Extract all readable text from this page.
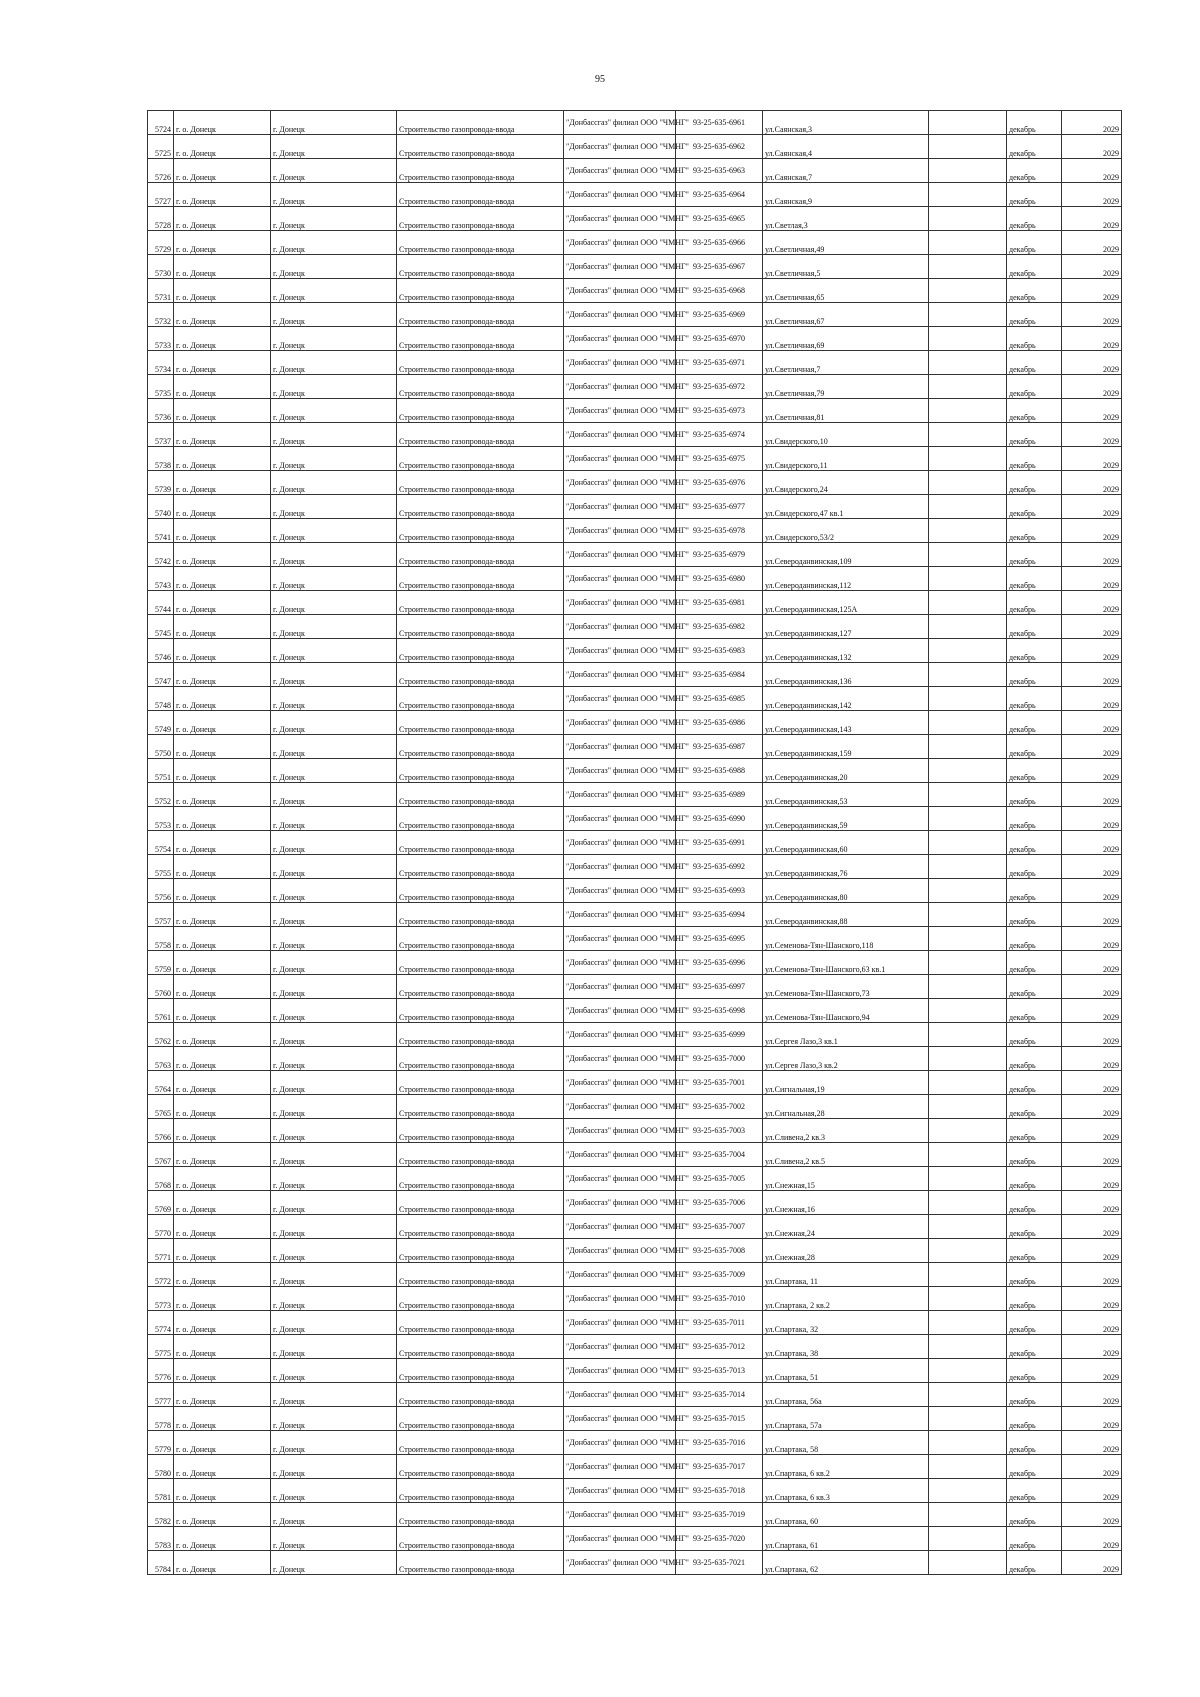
95
5724	г. о. Донецк	г. Донецк	Строительство газопровода-ввода	"Донбассгаз" филиал ООО "ЧМНГ"	93-25-635-6961	ул.Саянская,3		декабрь	2029
5725	г. о. Донецк	г. Донецк	Строительство газопровода-ввода	"Донбассгаз" филиал ООО "ЧМНГ"	93-25-635-6962	ул.Саянская,4		декабрь	2029
5726	г. о. Донецк	г. Донецк	Строительство газопровода-ввода	"Донбассгаз" филиал ООО "ЧМНГ"	93-25-635-6963	ул.Саянская,7		декабрь	2029
5727	г. о. Донецк	г. Донецк	Строительство газопровода-ввода	"Донбассгаз" филиал ООО "ЧМНГ"	93-25-635-6964	ул.Саянская,9		декабрь	2029
5728	г. о. Донецк	г. Донецк	Строительство газопровода-ввода	"Донбассгаз" филиал ООО "ЧМНГ"	93-25-635-6965	ул.Светлая,3		декабрь	2029
5729	г. о. Донецк	г. Донецк	Строительство газопровода-ввода	"Донбассгаз" филиал ООО "ЧМНГ"	93-25-635-6966	ул.Светличная,49		декабрь	2029
5730	г. о. Донецк	г. Донецк	Строительство газопровода-ввода	"Донбассгаз" филиал ООО "ЧМНГ"	93-25-635-6967	ул.Светличная,5		декабрь	2029
5731	г. о. Донецк	г. Донецк	Строительство газопровода-ввода	"Донбассгаз" филиал ООО "ЧМНГ"	93-25-635-6968	ул.Светличная,65		декабрь	2029
5732	г. о. Донецк	г. Донецк	Строительство газопровода-ввода	"Донбассгаз" филиал ООО "ЧМНГ"	93-25-635-6969	ул.Светличная,67		декабрь	2029
5733	г. о. Донецк	г. Донецк	Строительство газопровода-ввода	"Донбассгаз" филиал ООО "ЧМНГ"	93-25-635-6970	ул.Светличная,69		декабрь	2029
5734	г. о. Донецк	г. Донецк	Строительство газопровода-ввода	"Донбассгаз" филиал ООО "ЧМНГ"	93-25-635-6971	ул.Светличная,7		декабрь	2029
5735	г. о. Донецк	г. Донецк	Строительство газопровода-ввода	"Донбассгаз" филиал ООО "ЧМНГ"	93-25-635-6972	ул.Светличная,79		декабрь	2029
5736	г. о. Донецк	г. Донецк	Строительство газопровода-ввода	"Донбассгаз" филиал ООО "ЧМНГ"	93-25-635-6973	ул.Светличная,81		декабрь	2029
5737	г. о. Донецк	г. Донецк	Строительство газопровода-ввода	"Донбассгаз" филиал ООО "ЧМНГ"	93-25-635-6974	ул.Свидерского,10		декабрь	2029
5738	г. о. Донецк	г. Донецк	Строительство газопровода-ввода	"Донбассгаз" филиал ООО "ЧМНГ"	93-25-635-6975	ул.Свидерского,11		декабрь	2029
5739	г. о. Донецк	г. Донецк	Строительство газопровода-ввода	"Донбассгаз" филиал ООО "ЧМНГ"	93-25-635-6976	ул.Свидерского,24		декабрь	2029
5740	г. о. Донецк	г. Донецк	Строительство газопровода-ввода	"Донбассгаз" филиал ООО "ЧМНГ"	93-25-635-6977	ул.Свидерского,47 кв.1		декабрь	2029
5741	г. о. Донецк	г. Донецк	Строительство газопровода-ввода	"Донбассгаз" филиал ООО "ЧМНГ"	93-25-635-6978	ул.Свидерского,53/2		декабрь	2029
5742	г. о. Донецк	г. Донецк	Строительство газопровода-ввода	"Донбассгаз" филиал ООО "ЧМНГ"	93-25-635-6979	ул.Североданвинская,109		декабрь	2029
5743	г. о. Донецк	г. Донецк	Строительство газопровода-ввода	"Донбассгаз" филиал ООО "ЧМНГ"	93-25-635-6980	ул.Североданвинская,112		декабрь	2029
5744	г. о. Донецк	г. Донецк	Строительство газопровода-ввода	"Донбассгаз" филиал ООО "ЧМНГ"	93-25-635-6981	ул.Североданвинская,125А		декабрь	2029
5745	г. о. Донецк	г. Донецк	Строительство газопровода-ввода	"Донбассгаз" филиал ООО "ЧМНГ"	93-25-635-6982	ул.Североданвинская,127		декабрь	2029
5746	г. о. Донецк	г. Донецк	Строительство газопровода-ввода	"Донбассгаз" филиал ООО "ЧМНГ"	93-25-635-6983	ул.Североданвинская,132		декабрь	2029
5747	г. о. Донецк	г. Донецк	Строительство газопровода-ввода	"Донбассгаз" филиал ООО "ЧМНГ"	93-25-635-6984	ул.Североданвинская,136		декабрь	2029
5748	г. о. Донецк	г. Донецк	Строительство газопровода-ввода	"Донбассгаз" филиал ООО "ЧМНГ"	93-25-635-6985	ул.Североданвинская,142		декабрь	2029
5749	г. о. Донецк	г. Донецк	Строительство газопровода-ввода	"Донбассгаз" филиал ООО "ЧМНГ"	93-25-635-6986	ул.Североданвинская,143		декабрь	2029
5750	г. о. Донецк	г. Донецк	Строительство газопровода-ввода	"Донбассгаз" филиал ООО "ЧМНГ"	93-25-635-6987	ул.Североданвинская,159		декабрь	2029
5751	г. о. Донецк	г. Донецк	Строительство газопровода-ввода	"Донбассгаз" филиал ООО "ЧМНГ"	93-25-635-6988	ул.Североданвинская,20		декабрь	2029
5752	г. о. Донецк	г. Донецк	Строительство газопровода-ввода	"Донбассгаз" филиал ООО "ЧМНГ"	93-25-635-6989	ул.Североданвинская,53		декабрь	2029
5753	г. о. Донецк	г. Донецк	Строительство газопровода-ввода	"Донбассгаз" филиал ООО "ЧМНГ"	93-25-635-6990	ул.Североданвинская,59		декабрь	2029
5754	г. о. Донецк	г. Донецк	Строительство газопровода-ввода	"Донбассгаз" филиал ООО "ЧМНГ"	93-25-635-6991	ул.Североданвинская,60		декабрь	2029
5755	г. о. Донецк	г. Донецк	Строительство газопровода-ввода	"Донбассгаз" филиал ООО "ЧМНГ"	93-25-635-6992	ул.Североданвинская,76		декабрь	2029
5756	г. о. Донецк	г. Донецк	Строительство газопровода-ввода	"Донбассгаз" филиал ООО "ЧМНГ"	93-25-635-6993	ул.Североданвинская,80		декабрь	2029
5757	г. о. Донецк	г. Донецк	Строительство газопровода-ввода	"Донбассгаз" филиал ООО "ЧМНГ"	93-25-635-6994	ул.Североданвинская,88		декабрь	2029
5758	г. о. Донецк	г. Донецк	Строительство газопровода-ввода	"Донбассгаз" филиал ООО "ЧМНГ"	93-25-635-6995	ул.Семенова-Тян-Шанского,118		декабрь	2029
5759	г. о. Донецк	г. Донецк	Строительство газопровода-ввода	"Донбассгаз" филиал ООО "ЧМНГ"	93-25-635-6996	ул.Семенова-Тян-Шанского,63 кв.1		декабрь	2029
5760	г. о. Донецк	г. Донецк	Строительство газопровода-ввода	"Донбассгаз" филиал ООО "ЧМНГ"	93-25-635-6997	ул.Семенова-Тян-Шанского,73		декабрь	2029
5761	г. о. Донецк	г. Донецк	Строительство газопровода-ввода	"Донбассгаз" филиал ООО "ЧМНГ"	93-25-635-6998	ул.Семенова-Тян-Шанского,94		декабрь	2029
5762	г. о. Донецк	г. Донецк	Строительство газопровода-ввода	"Донбассгаз" филиал ООО "ЧМНГ"	93-25-635-6999	ул.Сергея Лазо,3 кв.1		декабрь	2029
5763	г. о. Донецк	г. Донецк	Строительство газопровода-ввода	"Донбассгаз" филиал ООО "ЧМНГ"	93-25-635-7000	ул.Сергея Лазо,3 кв.2		декабрь	2029
5764	г. о. Донецк	г. Донецк	Строительство газопровода-ввода	"Донбассгаз" филиал ООО "ЧМНГ"	93-25-635-7001	ул.Сигнальная,19		декабрь	2029
5765	г. о. Донецк	г. Донецк	Строительство газопровода-ввода	"Донбассгаз" филиал ООО "ЧМНГ"	93-25-635-7002	ул.Сигнальная,28		декабрь	2029
5766	г. о. Донецк	г. Донецк	Строительство газопровода-ввода	"Донбассгаз" филиал ООО "ЧМНГ"	93-25-635-7003	ул.Сливена,2 кв.3		декабрь	2029
5767	г. о. Донецк	г. Донецк	Строительство газопровода-ввода	"Донбассгаз" филиал ООО "ЧМНГ"	93-25-635-7004	ул.Сливена,2 кв.5		декабрь	2029
5768	г. о. Донецк	г. Донецк	Строительство газопровода-ввода	"Донбассгаз" филиал ООО "ЧМНГ"	93-25-635-7005	ул.Снежная,15		декабрь	2029
5769	г. о. Донецк	г. Донецк	Строительство газопровода-ввода	"Донбассгаз" филиал ООО "ЧМНГ"	93-25-635-7006	ул.Снежная,16		декабрь	2029
5770	г. о. Донецк	г. Донецк	Строительство газопровода-ввода	"Донбассгаз" филиал ООО "ЧМНГ"	93-25-635-7007	ул.Снежная,24		декабрь	2029
5771	г. о. Донецк	г. Донецк	Строительство газопровода-ввода	"Донбассгаз" филиал ООО "ЧМНГ"	93-25-635-7008	ул.Снежная,28		декабрь	2029
5772	г. о. Донецк	г. Донецк	Строительство газопровода-ввода	"Донбассгаз" филиал ООО "ЧМНГ"	93-25-635-7009	ул.Спартака, 11		декабрь	2029
5773	г. о. Донецк	г. Донецк	Строительство газопровода-ввода	"Донбассгаз" филиал ООО "ЧМНГ"	93-25-635-7010	ул.Спартака, 2 кв.2		декабрь	2029
5774	г. о. Донецк	г. Донецк	Строительство газопровода-ввода	"Донбассгаз" филиал ООО "ЧМНГ"	93-25-635-7011	ул.Спартака, 32		декабрь	2029
5775	г. о. Донецк	г. Донецк	Строительство газопровода-ввода	"Донбассгаз" филиал ООО "ЧМНГ"	93-25-635-7012	ул.Спартака, 38		декабрь	2029
5776	г. о. Донецк	г. Донецк	Строительство газопровода-ввода	"Донбассгаз" филиал ООО "ЧМНГ"	93-25-635-7013	ул.Спартака, 51		декабрь	2029
5777	г. о. Донецк	г. Донецк	Строительство газопровода-ввода	"Донбассгаз" филиал ООО "ЧМНГ"	93-25-635-7014	ул.Спартака, 56а		декабрь	2029
5778	г. о. Донецк	г. Донецк	Строительство газопровода-ввода	"Донбассгаз" филиал ООО "ЧМНГ"	93-25-635-7015	ул.Спартака, 57а		декабрь	2029
5779	г. о. Донецк	г. Донецк	Строительство газопровода-ввода	"Донбассгаз" филиал ООО "ЧМНГ"	93-25-635-7016	ул.Спартака, 58		декабрь	2029
5780	г. о. Донецк	г. Донецк	Строительство газопровода-ввода	"Донбассгаз" филиал ООО "ЧМНГ"	93-25-635-7017	ул.Спартака, 6 кв.2		декабрь	2029
5781	г. о. Донецк	г. Донецк	Строительство газопровода-ввода	"Донбассгаз" филиал ООО "ЧМНГ"	93-25-635-7018	ул.Спартака, 6 кв.3		декабрь	2029
5782	г. о. Донецк	г. Донецк	Строительство газопровода-ввода	"Донбассгаз" филиал ООО "ЧМНГ"	93-25-635-7019	ул.Спартака, 60		декабрь	2029
5783	г. о. Донецк	г. Донецк	Строительство газопровода-ввода	"Донбассгаз" филиал ООО "ЧМНГ"	93-25-635-7020	ул.Спартака, 61		декабрь	2029
5784	г. о. Донецк	г. Донецк	Строительство газопровода-ввода	"Донбассгаз" филиал ООО "ЧМНГ"	93-25-635-7021	ул.Спартака, 62		декабрь	2029
